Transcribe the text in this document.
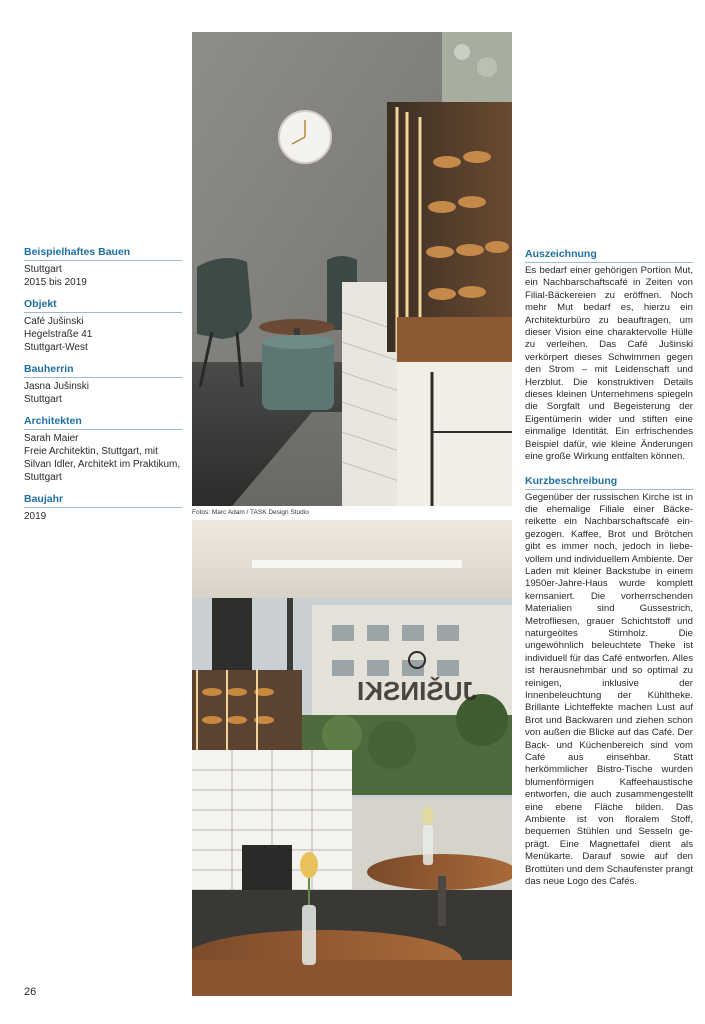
Beispielhaftes Bauen
Stuttgart
2015 bis 2019
Objekt
Café Jušinski
Hegelstraße 41
Stuttgart-West
Bauherrin
Jasna Jušinski
Stuttgart
Architekten
Sarah Maier
Freie Architektin, Stuttgart, mit
Silvan Idler, Architekt im Praktikum,
Stuttgart
Baujahr
2019	Fotos: Marc Adam / TASK Design Studio
JUŠINSKI
Auszeichnung

Es bedarf einer gehörigen Portion Mut, ein Nachbarschaftscafé in Zeiten von Filial-Bäckereien zu eröffnen. Noch mehr Mut bedarf es, hierzu ein Architekturbüro zu beauftragen, um dieser Vision eine charaktervolle Hülle zu verleihen. Das Café Jušinski verkörpert dieses Schwimmen gegen den Strom – mit Leidenschaft und Herzblut. Die konstruktiven Details dieses kleinen Unternehmens spiegeln die Sorgfalt und Begeisterung der Eigentümerin wider und stiften eine einmalige Identität. Ein erfrischendes Beispiel dafür, wie kleine Änderungen eine große Wirkung entfalten können.

Kurzbeschreibung

Gegenüber der russischen Kirche ist in die ehemalige Filiale einer Bäckereikette ein Nachbarschaftscafé eingezogen. Kaffee, Brot und Brötchen gibt es immer noch, jedoch in liebevollem und individuellem Ambiente. Der Laden mit kleiner Backstube in einem 1950er-Jahre-Haus wurde komplett kernsaniert. Die vorherrschenden Materialien sind Gussestrich, Metrofliesen, grauer Schichtstoff und naturgeöltes Stirnholz. Die ungewöhnlich beleuchtete Theke ist individuell für das Café entworfen. Alles ist herausnehmbar und so optimal zu reinigen, inklusive der Innenbeleuchtung der Kühltheke. Brillante Lichteffekte machen Lust auf Brot und Backwaren und ziehen schon von außen die Blicke auf das Café. Der Back- und Küchenbereich sind vom Café aus einsehbar. Statt herkömmlicher Bistro-Tische wurden blumenförmigen Kaffeehaustische entworfen, die auch zusammengestellt eine ebene Fläche bilden. Das Ambiente ist von floralem Stoff, bequemen Stühlen und Sesseln geprägt. Eine Magnettafel dient als Menükarte. Darauf sowie auf den Brottüten und dem Schaufenster prangt das neue Logo des Cafés.

26
